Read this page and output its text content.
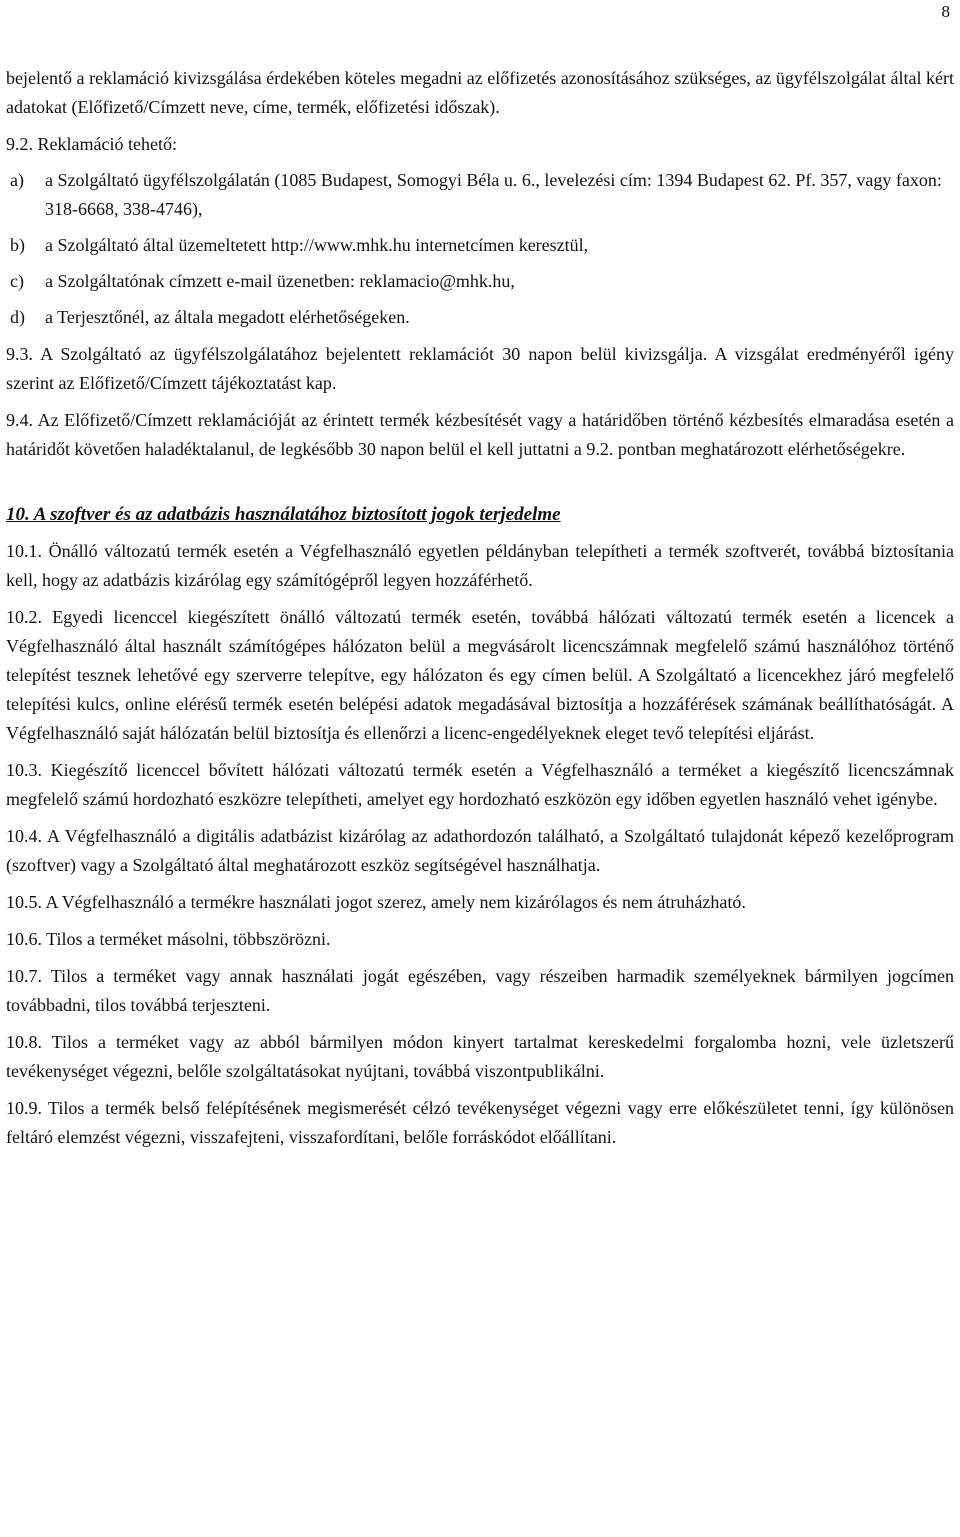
8

bejelentő a reklamáció kivizsgálása érdekében köteles megadni az előfizetés azonosításához szükséges, az ügyfélszolgálat által kért adatokat (Előfizető/Címzett neve, címe, termék, előfizetési időszak).

9.2. Reklamáció tehető:

a)	a Szolgáltató ügyfélszolgálatán (1085 Budapest, Somogyi Béla u. 6., levelezési cím: 1394 Budapest 62. Pf. 357, vagy faxon: 318-6668, 338-4746),
b)	a Szolgáltató által üzemeltetett http://www.mhk.hu internetcímen keresztül,
c)	a Szolgáltatónak címzett e-mail üzenetben: reklamacio@mhk.hu,
d)	a Terjesztőnél, az általa megadott elérhetőségeken.

9.3. A Szolgáltató az ügyfélszolgálatához bejelentett reklamációt 30 napon belül kivizsgálja. A vizsgálat eredményéről igény szerint az Előfizető/Címzett tájékoztatást kap.

9.4. Az Előfizető/Címzett reklamációját az érintett termék kézbesítését vagy a határidőben történő kézbesítés elmaradása esetén a határidőt követően haladéktalanul, de legkésőbb 30 napon belül el kell juttatni a 9.2. pontban meghatározott elérhetőségekre.

10. A szoftver és az adatbázis használatához biztosított jogok terjedelme

10.1. Önálló változatú termék esetén a Végfelhasználó egyetlen példányban telepítheti a termék szoftverét, továbbá biztosítania kell, hogy az adatbázis kizárólag egy számítógépről legyen hozzáférhető.

10.2. Egyedi licenccel kiegészített önálló változatú termék esetén, továbbá hálózati változatú termék esetén a licencek a Végfelhasználó által használt számítógépes hálózaton belül a megvásárolt licencszámnak megfelelő számú használóhoz történő telepítést tesznek lehetővé egy szerverre telepítve, egy hálózaton és egy címen belül. A Szolgáltató a licencekhez járó megfelelő telepítési kulcs, online elérésű termék esetén belépési adatok megadásával biztosítja a hozzáférések számának beállíthatóságát. A Végfelhasználó saját hálózatán belül biztosítja és ellenőrzi a licenc-engedélyeknek eleget tevő telepítési eljárást.

10.3. Kiegészítő licenccel bővített hálózati változatú termék esetén a Végfelhasználó a terméket a kiegészítő licencszámnak megfelelő számú hordozható eszközre telepítheti, amelyet egy hordozható eszközön egy időben egyetlen használó vehet igénybe.

10.4. A Végfelhasználó a digitális adatbázist kizárólag az adathordozón található, a Szolgáltató tulajdonát képező kezelőprogram (szoftver) vagy a Szolgáltató által meghatározott eszköz segítségével használhatja.

10.5. A Végfelhasználó a termékre használati jogot szerez, amely nem kizárólagos és nem átruházható.

10.6. Tilos a terméket másolni, többszörözni.

10.7. Tilos a terméket vagy annak használati jogát egészében, vagy részeiben harmadik személyeknek bármilyen jogcímen továbbadni, tilos továbbá terjeszteni.

10.8. Tilos a terméket vagy az abból bármilyen módon kinyert tartalmat kereskedelmi forgalomba hozni, vele üzletszerű tevékenységet végezni, belőle szolgáltatásokat nyújtani, továbbá viszontpublikálni.

10.9. Tilos a termék belső felépítésének megismerését célzó tevékenységet végezni vagy erre előkészületet tenni, így különösen feltáró elemzést végezni, visszafejteni, visszafordítani, belőle forráskódot előállítani.
